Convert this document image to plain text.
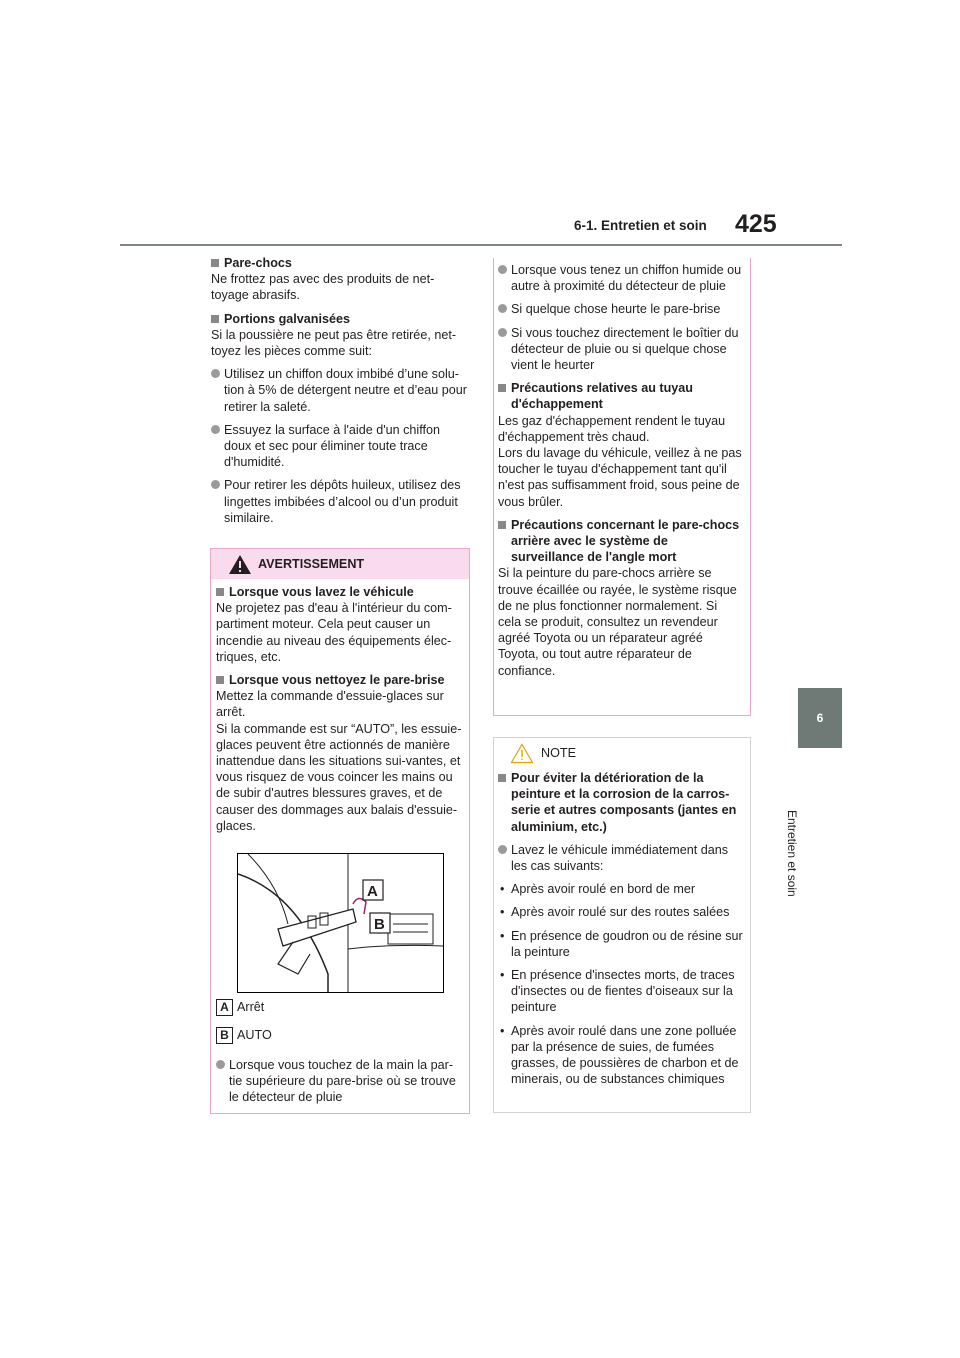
6-1. Entretien et soin 425
6
Entretien et soin

Pare-chocs

Ne frottez pas avec des produits de net-toyage abrasifs.

Portions galvanisées

Si la poussière ne peut pas être retirée, net-toyez les pièces comme suit:

Utilisez un chiffon doux imbibé d’une solu-tion à 5% de détergent neutre et d’eau pour retirer la saleté.

Essuyez la surface à l'aide d'un chiffon doux et sec pour éliminer toute trace d'humidité.

Pour retirer les dépôts huileux, utilisez des lingettes imbibées d’alcool ou d’un produit similaire.

AVERTISSEMENT

Lorsque vous lavez le véhicule

Ne projetez pas d'eau à l'intérieur du com-partiment moteur. Cela peut causer un incendie au niveau des équipements élec-triques, etc.

Lorsque vous nettoyez le pare-brise

Mettez la commande d'essuie-glaces sur arrêt.
Si la commande est sur “AUTO”, les essuie-glaces peuvent être actionnés de manière inattendue dans les situations sui-vantes, et vous risquez de vous coincer les mains ou de subir d'autres blessures graves, et de causer des dommages aux balais d'essuie-glaces.

A
B
A Arrêt
B AUTO

Lorsque vous touchez de la main la par-tie supérieure du pare-brise où se trouve le détecteur de pluie

Lorsque vous tenez un chiffon humide ou autre à proximité du détecteur de pluie

Si quelque chose heurte le pare-brise

Si vous touchez directement le boîtier du détecteur de pluie ou si quelque chose vient le heurter

Précautions relatives au tuyau d'échappement

Les gaz d'échappement rendent le tuyau d'échappement très chaud.
Lors du lavage du véhicule, veillez à ne pas toucher le tuyau d'échappement tant qu'il n'est pas suffisamment froid, sous peine de vous brûler.

Précautions concernant le pare-chocs arrière avec le système de surveillance de l'angle mort

Si la peinture du pare-chocs arrière se trouve écaillée ou rayée, le système risque de ne plus fonctionner normalement. Si cela se produit, consultez un revendeur agréé Toyota ou un réparateur agréé Toyota, ou tout autre réparateur de confiance.

NOTE

Pour éviter la détérioration de la peinture et la corrosion de la carros-serie et autres composants (jantes en aluminium, etc.)

Lavez le véhicule immédiatement dans les cas suivants:

• Après avoir roulé en bord de mer

• Après avoir roulé sur des routes salées

• En présence de goudron ou de résine sur la peinture

• En présence d'insectes morts, de traces d'insectes ou de fientes d'oiseaux sur la peinture

• Après avoir roulé dans une zone polluée par la présence de suies, de fumées grasses, de poussières de charbon et de minerais, ou de substances chimiques
